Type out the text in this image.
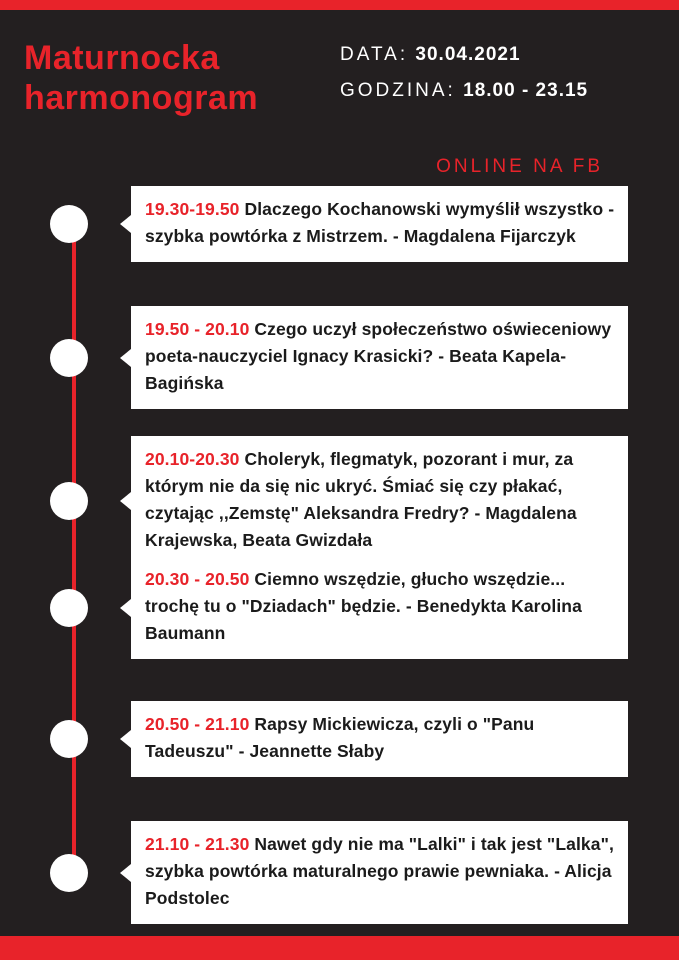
Maturnocka
harmonogram
DATA: 30.04.2021
GODZINA: 18.00 - 23.15
ONLINE NA FB
19.30-19.50 Dlaczego Kochanowski wymyślił wszystko - szybka powtórka z Mistrzem. - Magdalena Fijarczyk
19.50 - 20.10 Czego uczył społeczeństwo oświeceniowy poeta-nauczyciel Ignacy Krasicki? - Beata Kapela-Bagińska
20.10-20.30 Choleryk, flegmatyk, pozorant i mur, za którym nie da się nic ukryć. Śmiać się czy płakać, czytając ,,Zemstę" Aleksandra Fredry? - Magdalena Krajewska, Beata Gwizdała
20.30 - 20.50 Ciemno wszędzie, głucho wszędzie... trochę tu o "Dziadach" będzie. - Benedykta Karolina Baumann
20.50 - 21.10 Rapsy Mickiewicza, czyli o "Panu Tadeuszu" - Jeannette Słaby
21.10 - 21.30 Nawet gdy nie ma "Lalki" i tak jest "Lalka", szybka powtórka maturalnego prawie pewniaka. - Alicja Podstolec
